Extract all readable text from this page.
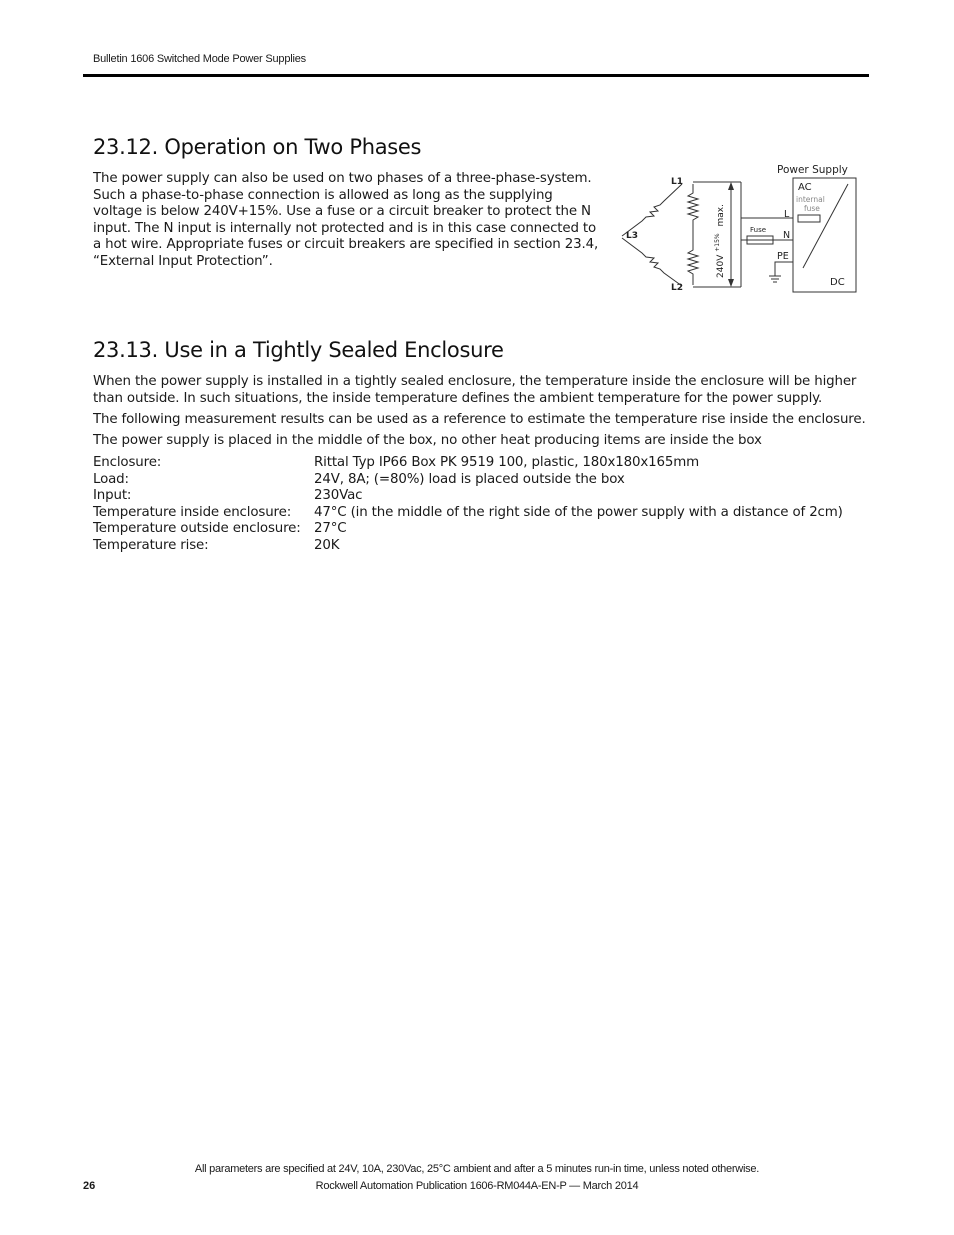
Bulletin 1606 Switched Mode Power Supplies
23.12. Operation on Two Phases

The power supply can also be used on two phases of a three-phase-system. Such a phase-to-phase connection is allowed as long as the supplying voltage is below 240V+15%. Use a fuse or a circuit breaker to protect the N input. The N input is internally not protected and is in this case connected to a hot wire. Appropriate fuses or circuit breakers are specified in section 23.4, “External Input Protection”.

L1
L3
L2
Power Supply
AC
internal
fuse
L
N
PE
DC
Fuse
240V $^{+15\%}$ max.
23.13. Use in a Tightly Sealed Enclosure

When the power supply is installed in a tightly sealed enclosure, the temperature inside the enclosure will be higher than outside. In such situations, the inside temperature defines the ambient temperature for the power supply.

The following measurement results can be used as a reference to estimate the temperature rise inside the enclosure.

The power supply is placed in the middle of the box, no other heat producing items are inside the box

Enclosure:	Rittal Typ IP66 Box PK 9519 100, plastic, 180x180x165mm
Load:	24V, 8A; (=80%) load is placed outside the box
Input:	230Vac
Temperature inside enclosure:	47°C (in the middle of the right side of the power supply with a distance of 2cm)
Temperature outside enclosure: 27°C
Temperature rise:	20K
All parameters are specified at 24V, 10A, 230Vac, 25°C ambient and after a 5 minutes run-in time, unless noted otherwise.
26	Rockwell Automation Publication 1606-RM044A-EN-P — March 2014
